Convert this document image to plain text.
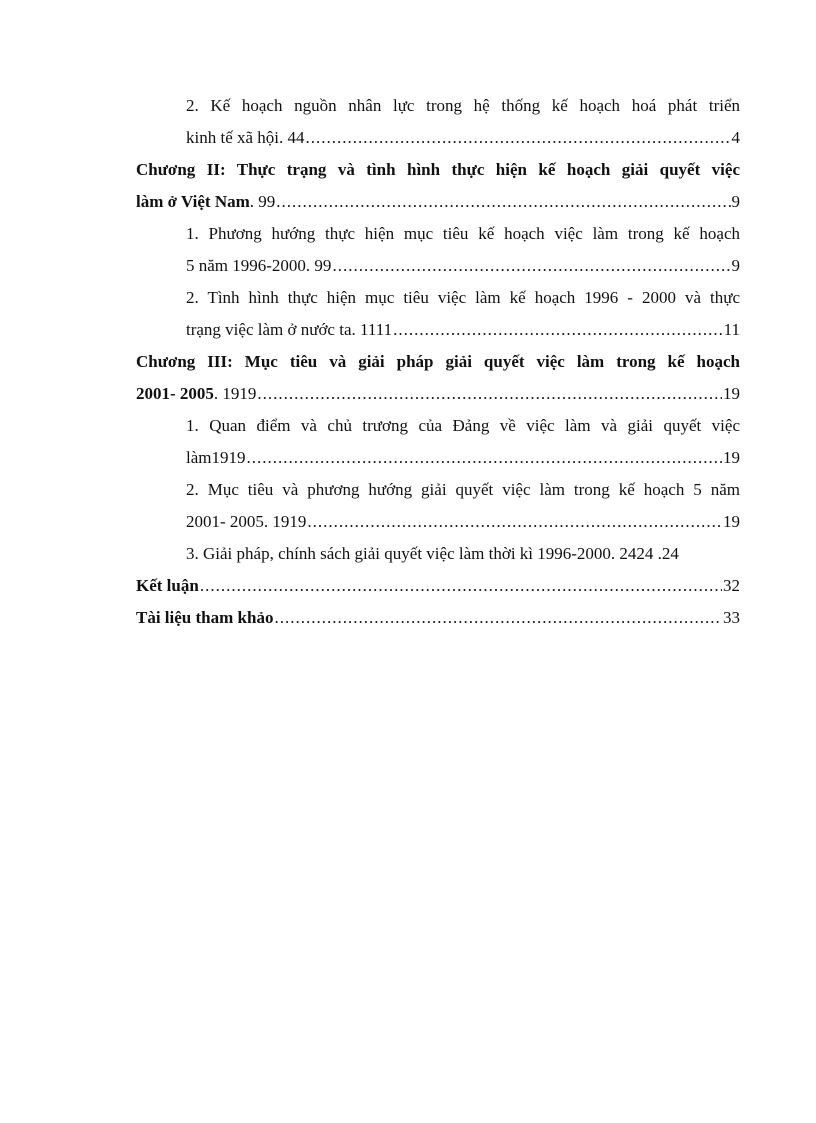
2. Kế hoạch nguồn nhân lực trong hệ thống kế hoạch hoá phát triển
kinh tế xã hội. 44 .....	4
Chương II: Thực trạng và tình hình thực hiện kế hoạch giải quyết việc
làm ở Việt Nam . 99 .....	9
1. Phương hướng thực hiện mục tiêu kế hoạch việc làm trong kế hoạch
5 năm 1996-2000. 99 .....	9
2. Tình hình thực hiện mục tiêu việc làm kế hoạch 1996 - 2000 và thực
trạng việc làm ở nước ta. 1111 .....	11
Chương III: Mục tiêu và giải pháp giải quyết việc làm trong kế hoạch
2001- 2005 . 1919 .....	19
1. Quan điểm và chủ trương của Đảng về việc làm và giải quyết việc
làm1919 .....	19
2. Mục tiêu và phương hướng giải quyết việc làm trong kế hoạch 5 năm
2001- 2005. 1919 .....	19
3. Giải pháp, chính sách giải quyết việc làm thời kì 1996-2000. 2424 .24
Kết luận .....	32
Tài liệu tham khảo .....	33
